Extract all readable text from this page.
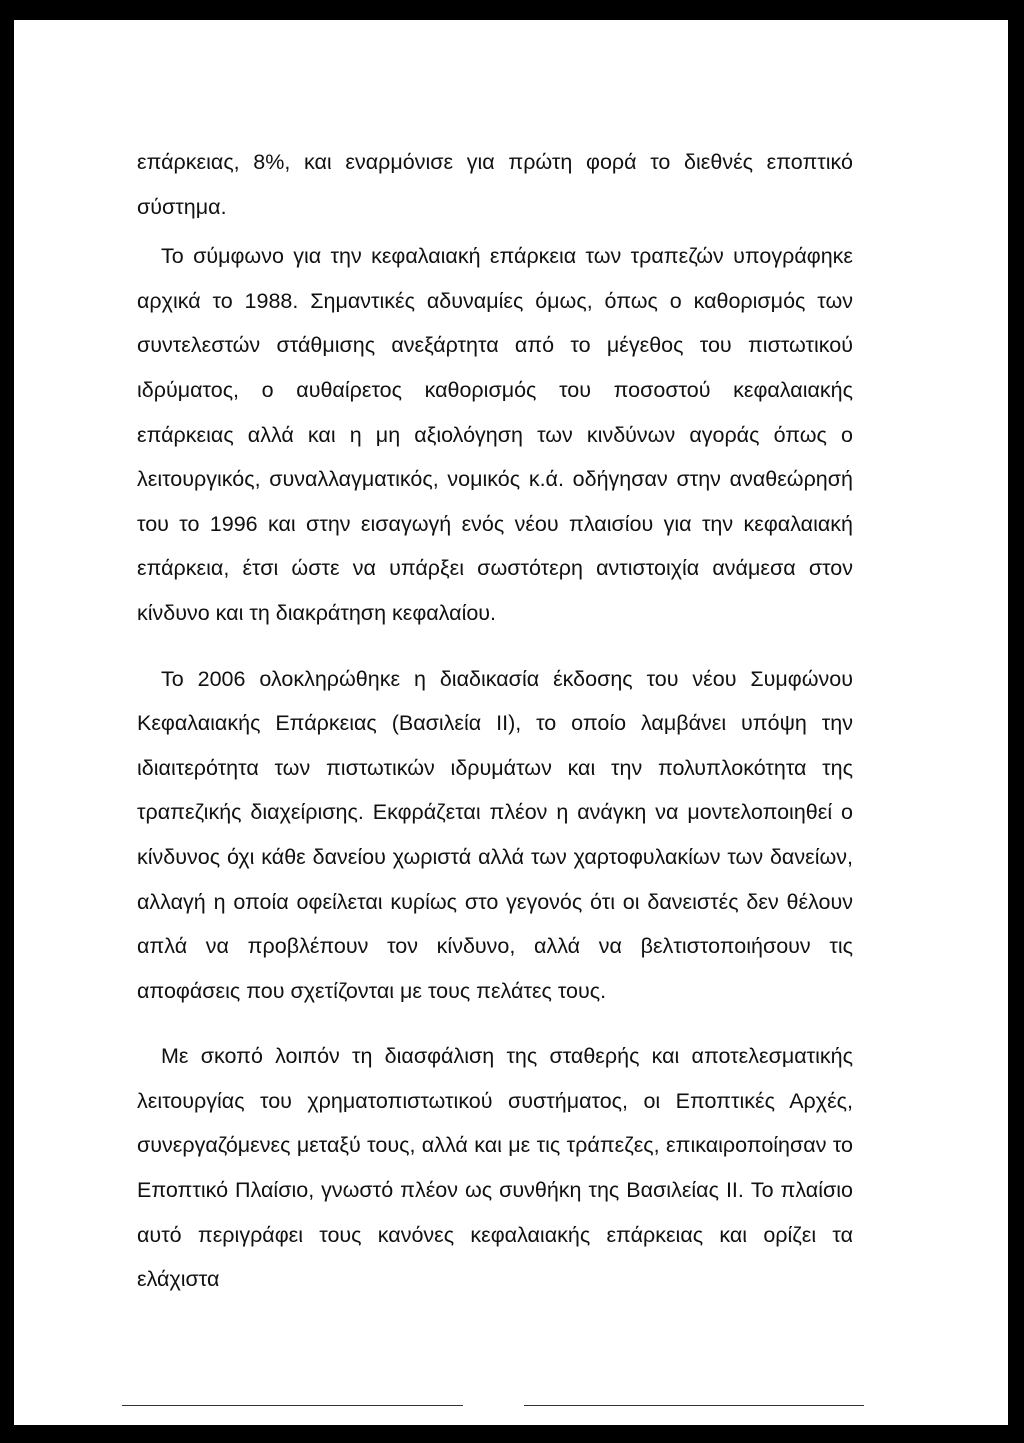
επάρκειας, 8%, και εναρμόνισε για πρώτη φορά το διεθνές εποπτικό σύστημα.

Το σύμφωνο για την κεφαλαιακή επάρκεια των τραπεζών υπογράφηκε αρχικά το 1988. Σημαντικές αδυναμίες όμως, όπως ο καθορισμός των συντελεστών στάθμισης ανεξάρτητα από το μέγεθος του πιστωτικού ιδρύματος, ο αυθαίρετος καθορισμός του ποσοστού κεφαλαιακής επάρκειας αλλά και η μη αξιολόγηση των κινδύνων αγοράς όπως ο λειτουργικός, συναλλαγματικός, νομικός κ.ά. οδήγησαν στην αναθεώρησή του το 1996 και στην εισαγωγή ενός νέου πλαισίου για την κεφαλαιακή επάρκεια, έτσι ώστε να υπάρξει σωστότερη αντιστοιχία ανάμεσα στον κίνδυνο και τη διακράτηση κεφαλαίου.

Το 2006 ολοκληρώθηκε η διαδικασία έκδοσης του νέου Συμφώνου Κεφαλαιακής Επάρκειας (Βασιλεία II), το οποίο λαμβάνει υπόψη την ιδιαιτερότητα των πιστωτικών ιδρυμάτων και την πολυπλοκότητα της τραπεζικής διαχείρισης. Εκφράζεται πλέον η ανάγκη να μοντελοποιηθεί ο κίνδυνος όχι κάθε δανείου χωριστά αλλά των χαρτοφυλακίων των δανείων, αλλαγή η οποία οφείλεται κυρίως στο γεγονός ότι οι δανειστές δεν θέλουν απλά να προβλέπουν τον κίνδυνο, αλλά να βελτιστοποιήσουν τις αποφάσεις που σχετίζονται με τους πελάτες τους.

Με σκοπό λοιπόν τη διασφάλιση της σταθερής και αποτελεσματικής λειτουργίας του χρηματοπιστωτικού συστήματος, οι Εποπτικές Αρχές, συνεργαζόμενες μεταξύ τους, αλλά και με τις τράπεζες, επικαιροποίησαν το Εποπτικό Πλαίσιο, γνωστό πλέον ως συνθήκη της Βασιλείας II. Το πλαίσιο αυτό περιγράφει τους κανόνες κεφαλαιακής επάρκειας και ορίζει τα ελάχιστα
